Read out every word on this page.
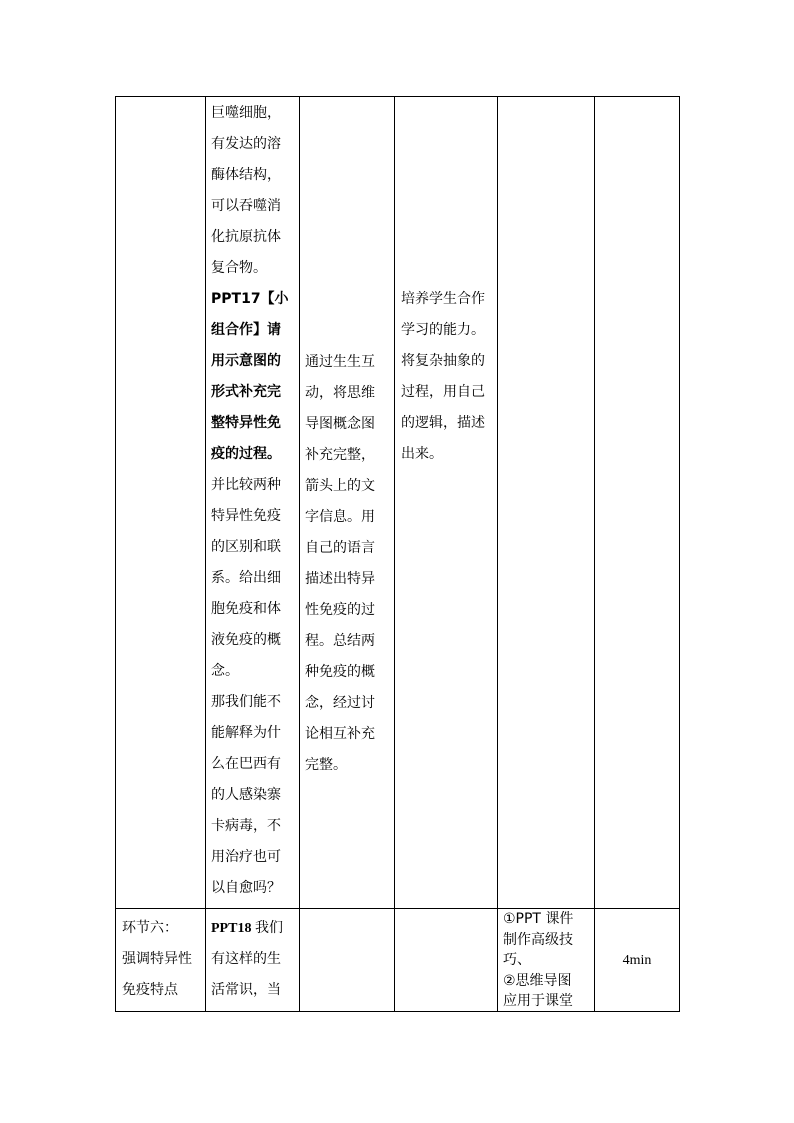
巨噬细胞，

有发达的溶

酶体结构，

可以吞噬消

化抗原抗体

复合物。

PPT17【小

组合作】请

用示意图的

形式补充完

整特异性免

疫的过程。

并比较两种

特异性免疫

的区别和联

系。给出细

胞免疫和体

液免疫的概

念。

那我们能不

能解释为什

么在巴西有

的人感染寨

卡病毒，不

用治疗也可

以自愈吗？

通过生生互

动，将思维

导图概念图

补充完整，

箭头上的文

字信息。用

自己的语言

描述出特异

性免疫的过

程。总结两

种免疫的概

念，经过讨

论相互补充

完整。

培养学生合作

学习的能力。

将复杂抽象的

过程，用自己

的逻辑，描述

出来。

环节六：

强调特异性

免疫特点

PPT18 我们

有这样的生

活常识，当

①PPT 课件

制作高级技

巧、

②思维导图

应用于课堂

4min
